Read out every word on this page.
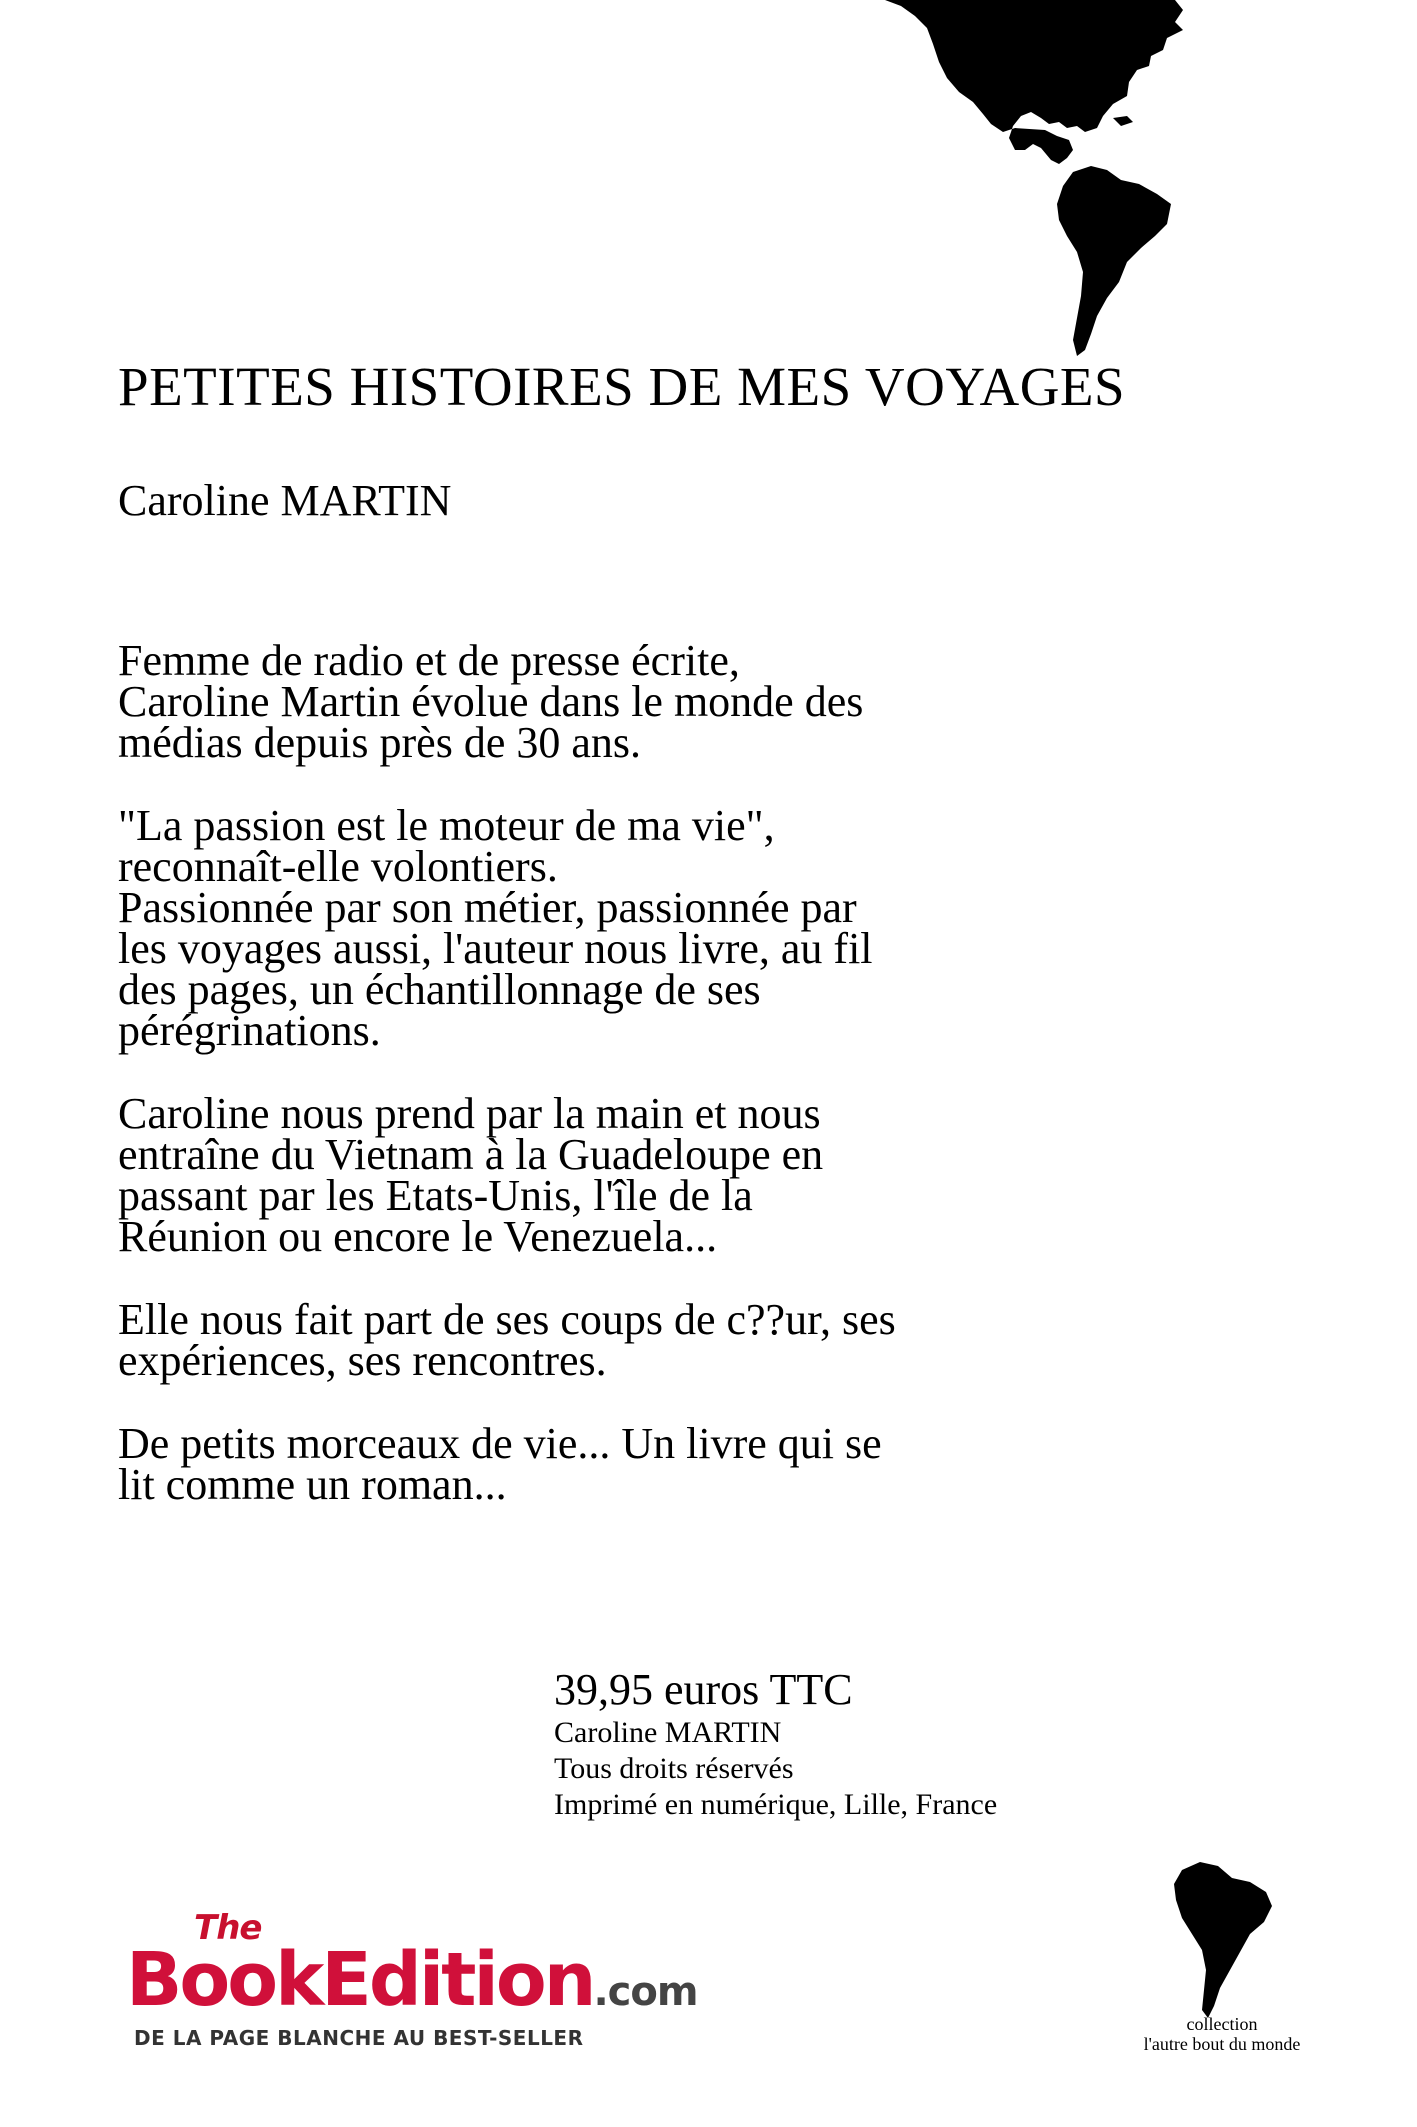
PETITES HISTOIRES DE MES VOYAGES
Caroline MARTIN

Femme de radio et de presse écrite,
Caroline Martin évolue dans le monde des
médias depuis près de 30 ans.

"La passion est le moteur de ma vie",
reconnaît-elle volontiers.
Passionnée par son métier, passionnée par
les voyages aussi, l'auteur nous livre, au fil
des pages, un échantillonnage de ses
pérégrinations.

Caroline nous prend par la main et nous
entraîne du Vietnam à la Guadeloupe en
passant par les Etats-Unis, l'île de la
Réunion ou encore le Venezuela...

Elle nous fait part de ses coups de c??ur, ses
expériences, ses rencontres.

De petits morceaux de vie... Un livre qui se
lit comme un roman...

39,95 euros TTC
Caroline MARTIN
Tous droits réservés
Imprimé en numérique, Lille, France
The
BookEdition.com
DE LA PAGE BLANCHE AU BEST-SELLER
collection
l'autre bout du monde
